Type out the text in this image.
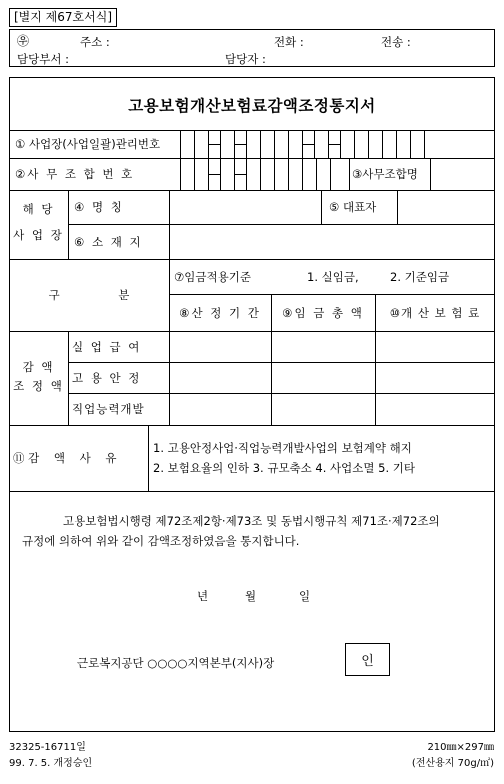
[별지 제67호서식]
㉾	주소 :	전화 :	전송 :
담당부서 :	담당자 :
고용보험개산보험료감액조정통지서
① 사업장(사업일괄)관리번호
②사 무 조 합 번 호	③사무조합명
해 당
사 업 장
④ 명 칭	⑤ 대표자
⑥ 소 재 지
구                분
⑦임금적용기준	1. 실임금,	2. 기준임금
⑧산 정 기 간	⑨임 금 총 액	⑩개 산 보 험 료
감 액
조 정 액
실 업 급 여
고 용 안 정
직업능력개발
⑪ 감    액    사    유
1. 고용안정사업·직업능력개발사업의 보험계약 해지
2. 보험요율의 인하 3. 규모축소 4. 사업소멸 5. 기타
고용보험법시행령 제72조제2항·제73조 및 동법시행규칙 제71조·제72조의
규정에 의하여 위와 같이 감액조정하였음을 통지합니다.
년	월	일
근로복지공단 ○○○○지역본부(지사)장	인
32325-16711일
99. 7. 5. 개정승인
210㎜×297㎜
(전산용지 70g/㎡)
